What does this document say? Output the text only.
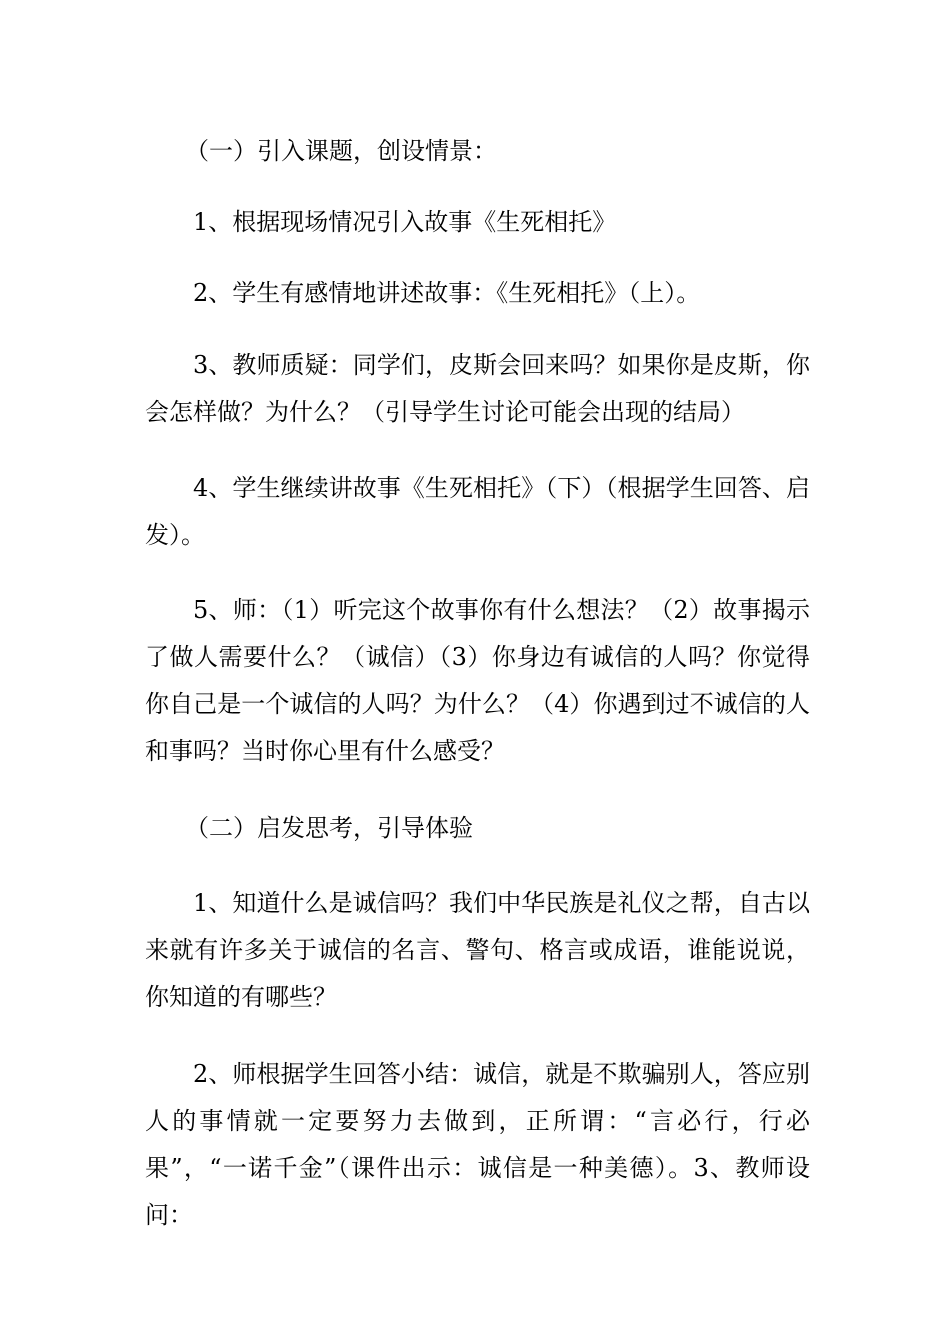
（一）引入课题，创设情景：

1、根据现场情况引入故事《生死相托》

2、学生有感情地讲述故事：《生死相托》（上）。

3、教师质疑：同学们，皮斯会回来吗？如果你是皮斯，你会怎样做？为什么？（引导学生讨论可能会出现的结局）

4、学生继续讲故事《生死相托》（下）（根据学生回答、启发）。

5、师：（1）听完这个故事你有什么想法？（2）故事揭示了做人需要什么？（诚信）（3）你身边有诚信的人吗？你觉得你自己是一个诚信的人吗？为什么？（4）你遇到过不诚信的人和事吗？当时你心里有什么感受？

（二）启发思考，引导体验

1、知道什么是诚信吗？我们中华民族是礼仪之帮，自古以来就有许多关于诚信的名言、警句、格言或成语，谁能说说，你知道的有哪些？

2、师根据学生回答小结：诚信，就是不欺骗别人，答应别人的事情就一定要努力去做到，正所谓：“言必行，行必果”，“一诺千金”（课件出示：诚信是一种美德）。3、教师设问：
